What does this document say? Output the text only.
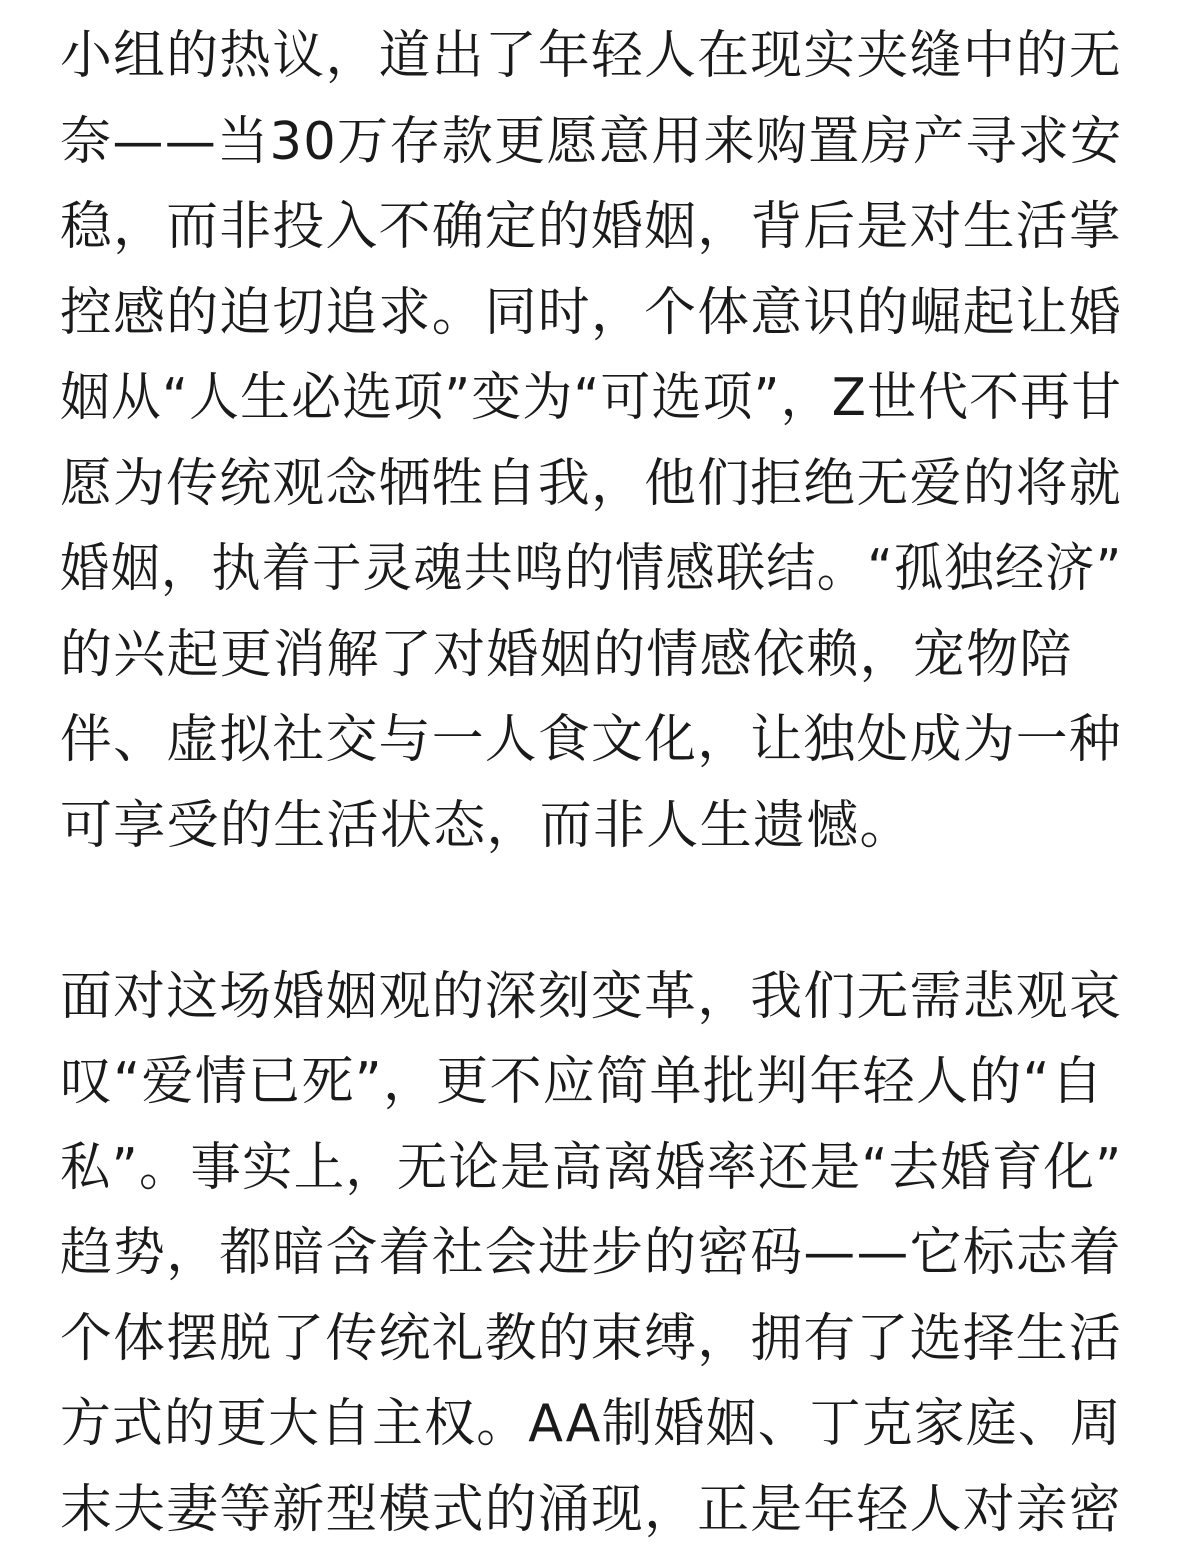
小组的热议，道出了年轻人在现实夹缝中的无
奈——当30万存款更愿意用来购置房产寻求安
稳，而非投入不确定的婚姻，背后是对生活掌
控感的迫切追求。同时，个体意识的崛起让婚
姻从“人生必选项”变为“可选项”，Z世代不再甘
愿为传统观念牺牲自我，他们拒绝无爱的将就
婚姻，执着于灵魂共鸣的情感联结。“孤独经济”
的兴起更消解了对婚姻的情感依赖，宠物陪
伴、虚拟社交与一人食文化，让独处成为一种
可享受的生活状态，而非人生遗憾。

面对这场婚姻观的深刻变革，我们无需悲观哀
叹“爱情已死”，更不应简单批判年轻人的“自
私”。事实上，无论是高离婚率还是“去婚育化”
趋势，都暗含着社会进步的密码——它标志着
个体摆脱了传统礼教的束缚，拥有了选择生活
方式的更大自主权。AA制婚姻、丁克家庭、周
末夫妻等新型模式的涌现，正是年轻人对亲密
